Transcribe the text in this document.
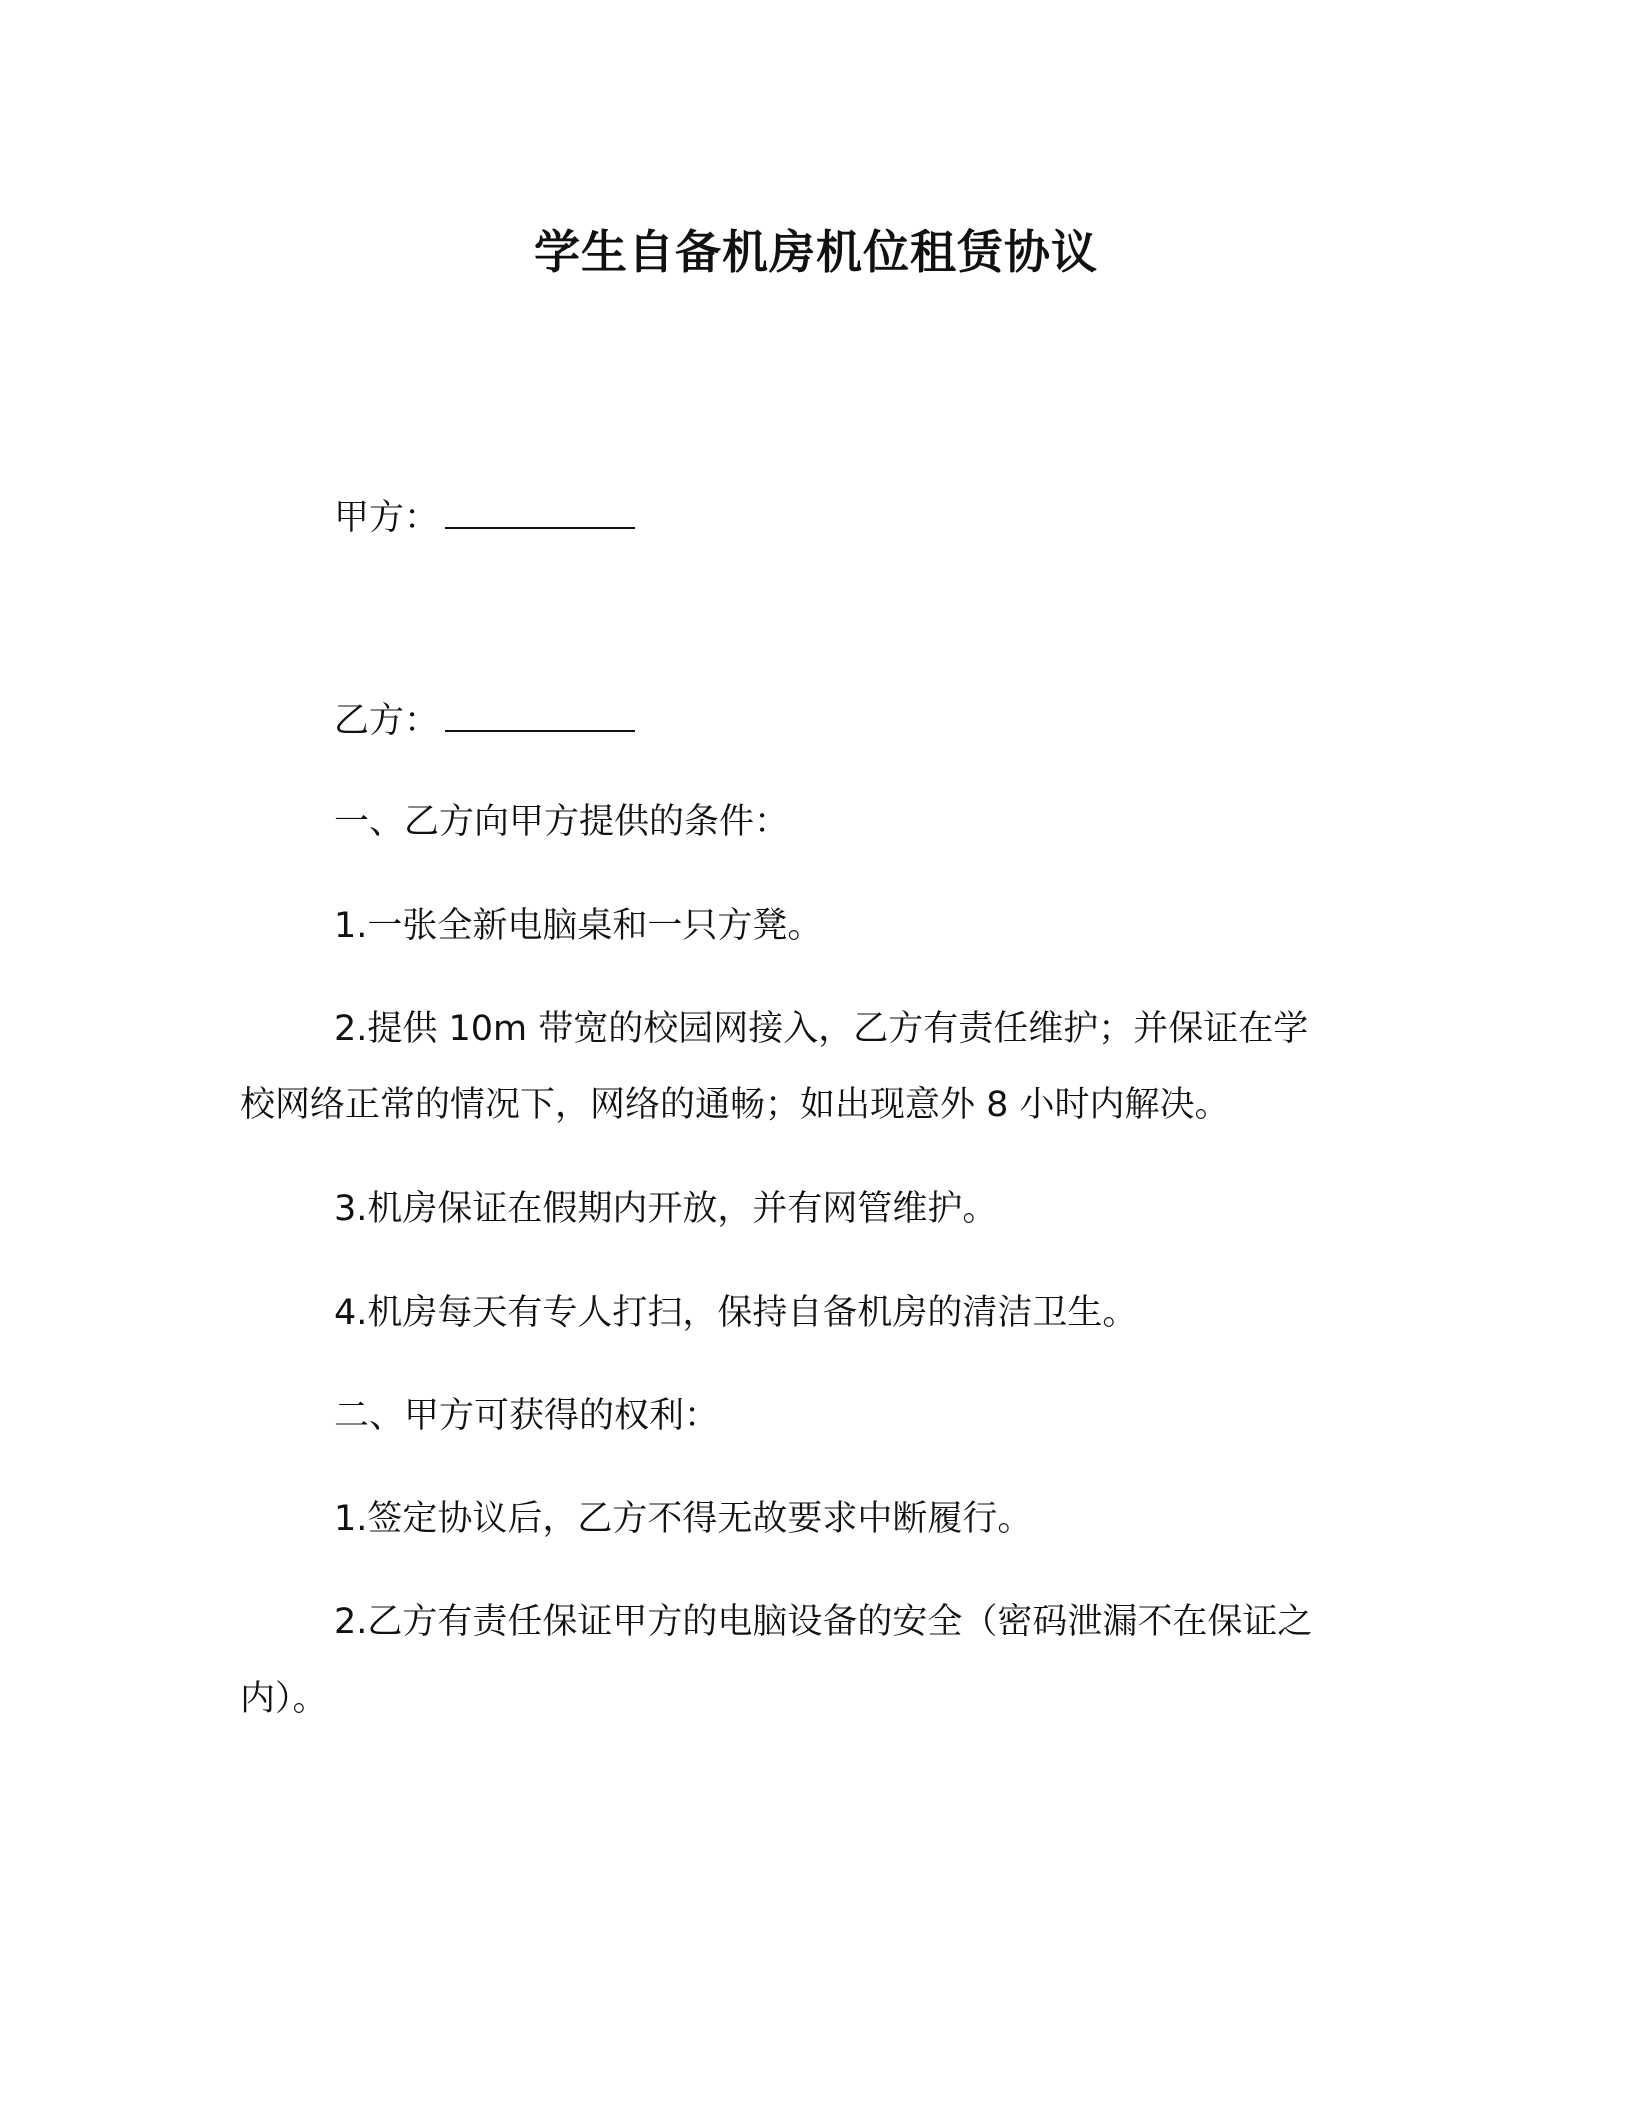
学生自备机房机位租赁协议

甲方：

乙方：

一、乙方向甲方提供的条件：

1.一张全新电脑桌和一只方凳。

2.提供 10m 带宽的校园网接入，乙方有责任维护；并保证在学

校网络正常的情况下，网络的通畅；如出现意外 8 小时内解决。

3.机房保证在假期内开放，并有网管维护。

4.机房每天有专人打扫，保持自备机房的清洁卫生。

二、甲方可获得的权利：

1.签定协议后，乙方不得无故要求中断履行。

2.乙方有责任保证甲方的电脑设备的安全（密码泄漏不在保证之

内）。
